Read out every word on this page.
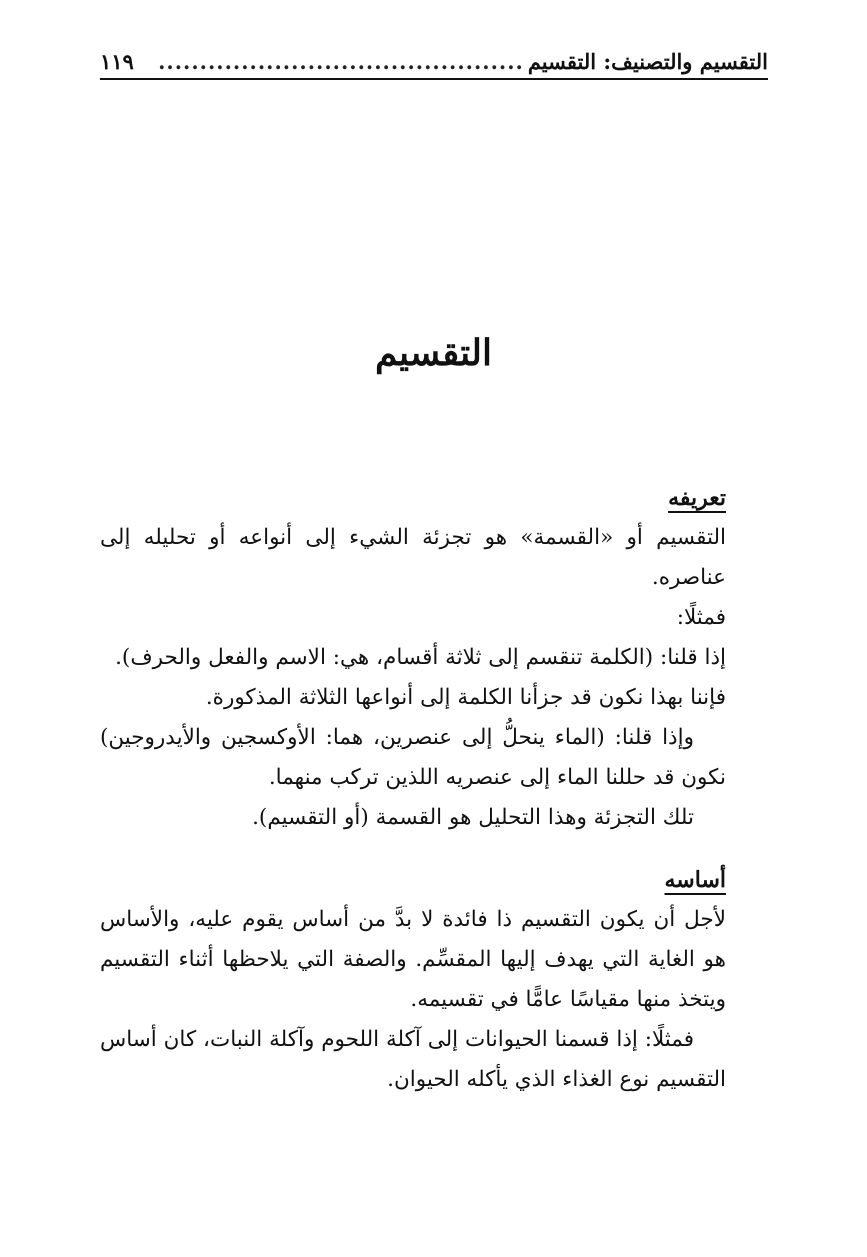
التقسيم والتصنيف: التقسيم
............................................
١١٩
التقسيم

تعريفه

التقسيم أو «القسمة» هو تجزئة الشيء إلى أنواعه أو تحليله إلى عناصره.

فمثلًا:

إذا قلنا: (الكلمة تنقسم إلى ثلاثة أقسام، هي: الاسم والفعل والحرف).

فإننا بهذا نكون قد جزأنا الكلمة إلى أنواعها الثلاثة المذكورة.

وإذا قلنا: (الماء ينحلُّ إلى عنصرين، هما: الأوكسجين والأيدروجين) نكون قد حللنا الماء إلى عنصريه اللذين تركب منهما.

تلك التجزئة وهذا التحليل هو القسمة (أو التقسيم).

أساسه

لأجل أن يكون التقسيم ذا فائدة لا بدَّ من أساس يقوم عليه، والأساس هو الغاية التي يهدف إليها المقسِّم. والصفة التي يلاحظها أثناء التقسيم ويتخذ منها مقياسًا عامًّا في تقسيمه.

فمثلًا: إذا قسمنا الحيوانات إلى آكلة اللحوم وآكلة النبات، كان أساس التقسيم نوع الغذاء الذي يأكله الحيوان.
